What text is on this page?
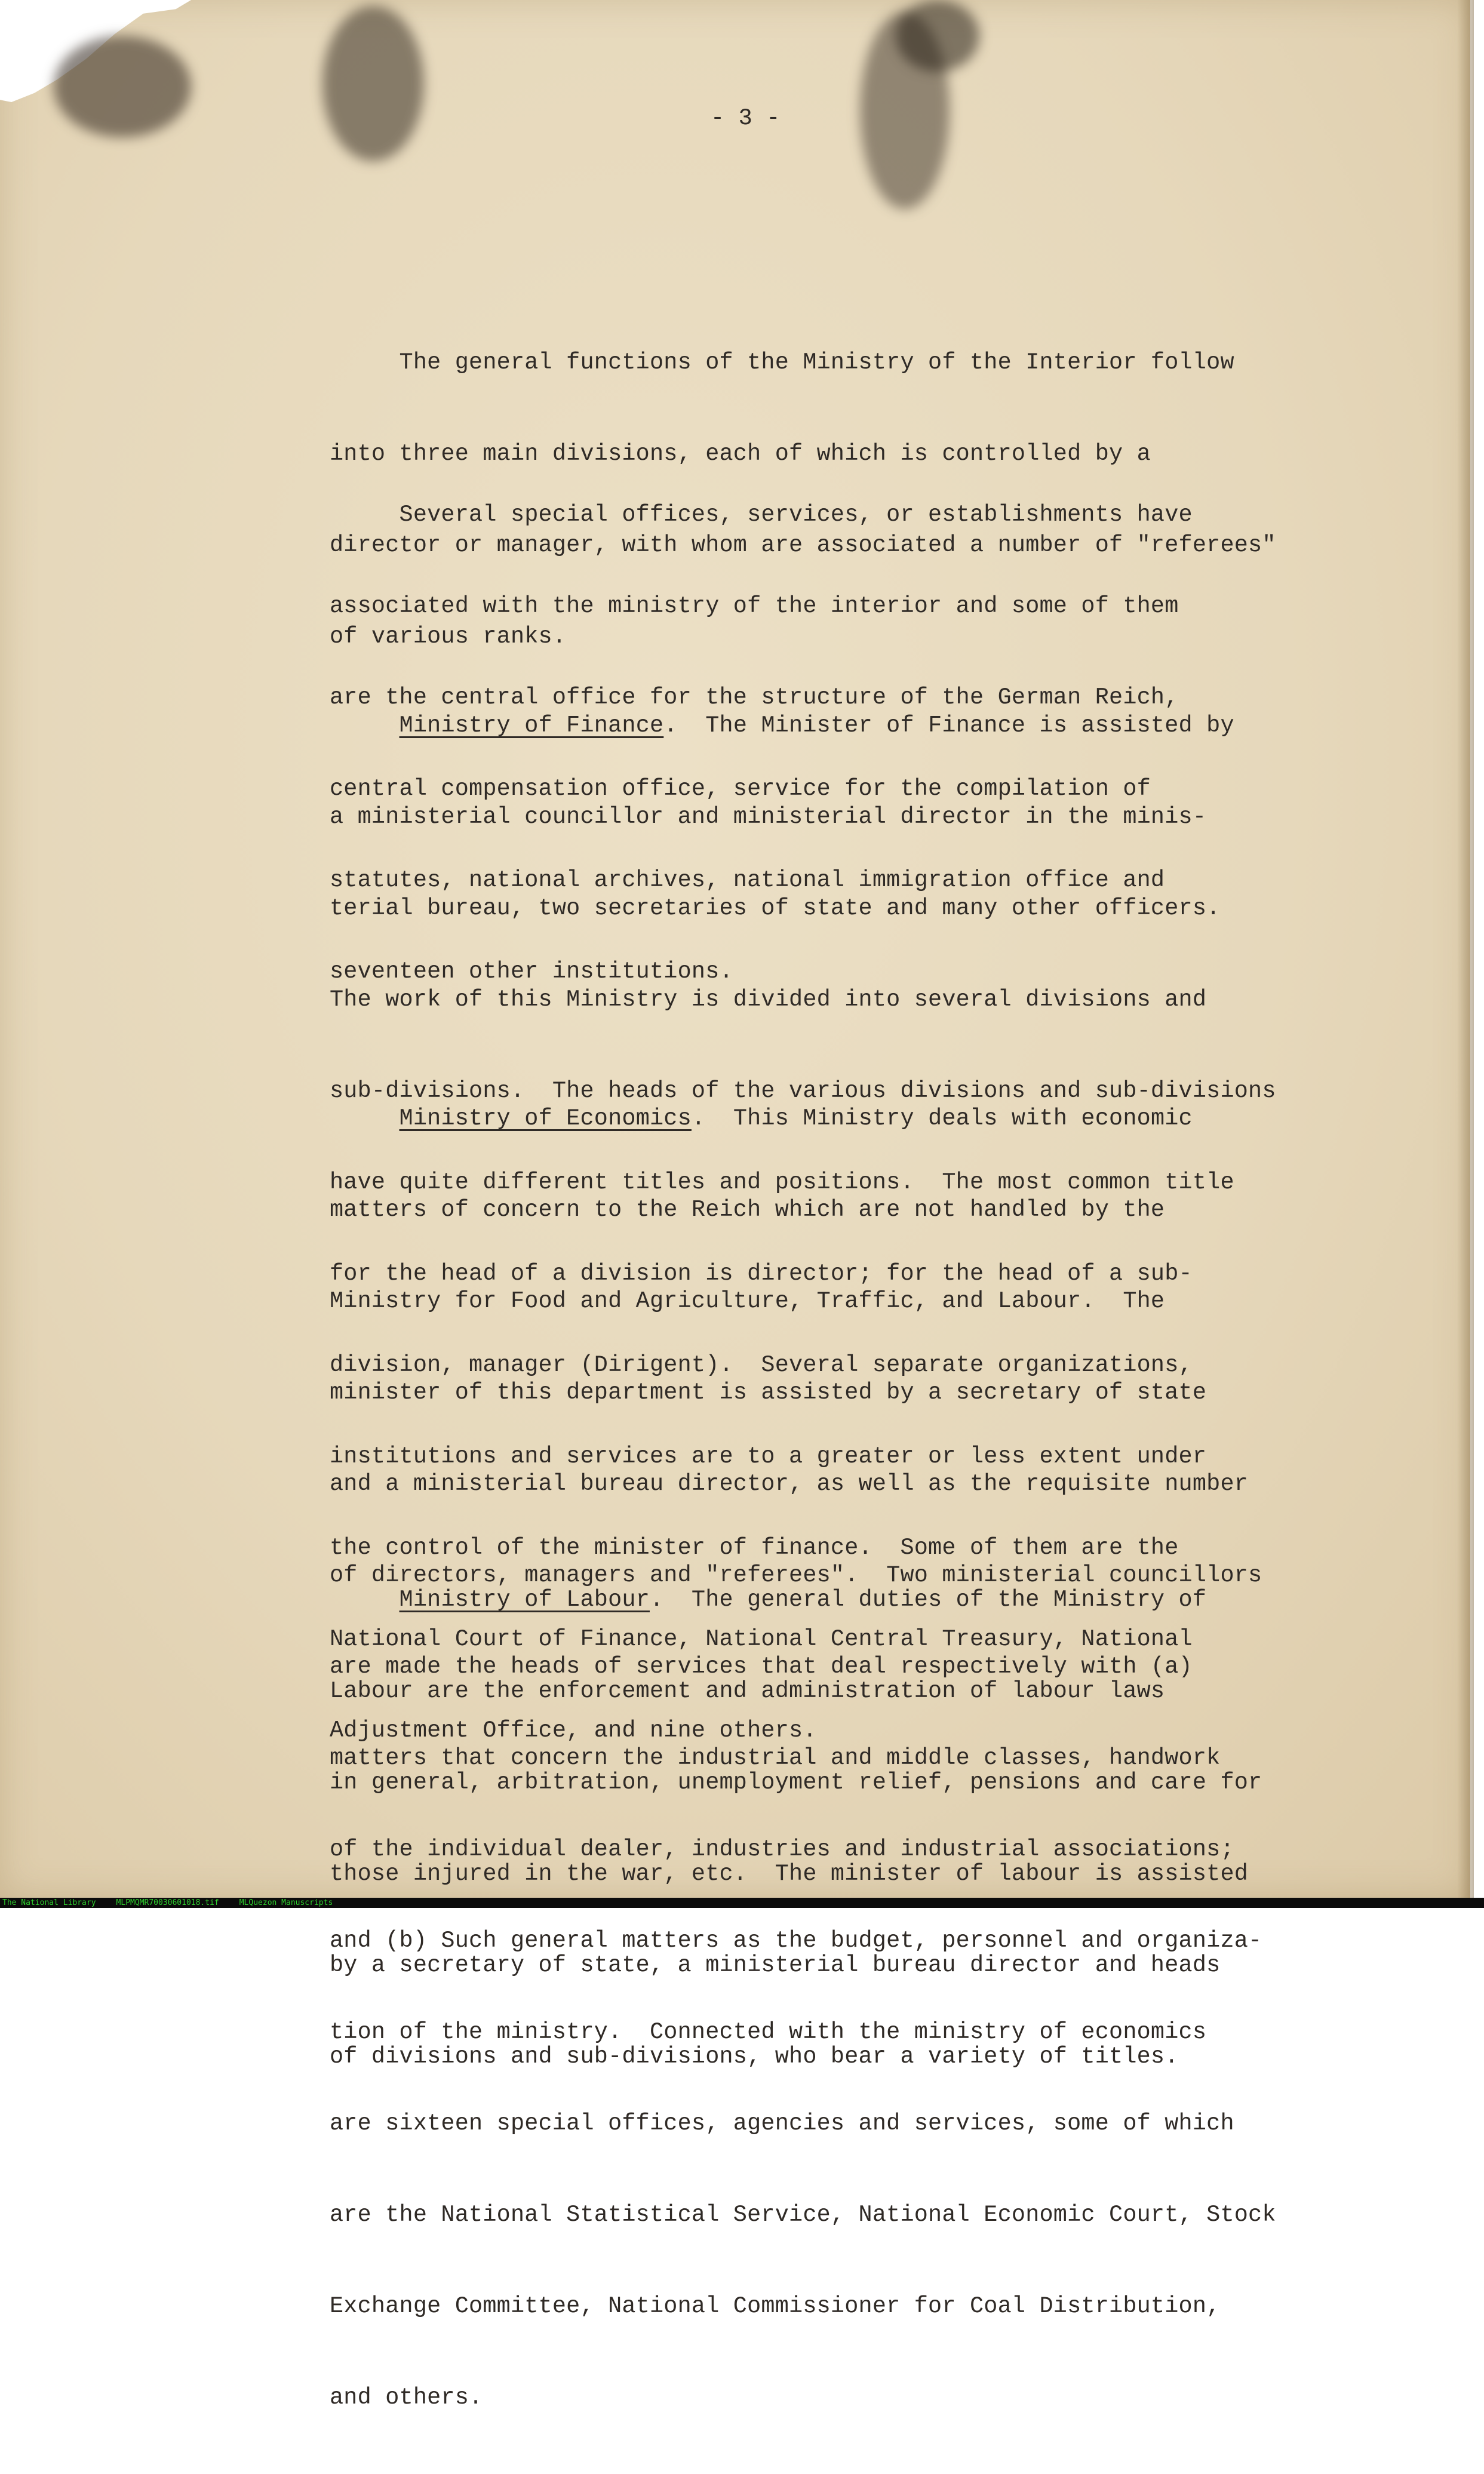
- 3 -

The general functions of the Ministry of the Interior follow

into three main divisions, each of which is controlled by a

director or manager, with whom are associated a number of "referees"

of various ranks.

Several special offices, services, or establishments have

associated with the ministry of the interior and some of them

are the central office for the structure of the German Reich,

central compensation office, service for the compilation of

statutes, national archives, national immigration office and

seventeen other institutions.

Ministry of Finance.  The Minister of Finance is assisted by

a ministerial councillor and ministerial director in the minis-

terial bureau, two secretaries of state and many other officers.

The work of this Ministry is divided into several divisions and

sub-divisions.  The heads of the various divisions and sub-divisions

have quite different titles and positions.  The most common title

for the head of a division is director; for the head of a sub-

division, manager (Dirigent).  Several separate organizations,

institutions and services are to a greater or less extent under

the control of the minister of finance.  Some of them are the

National Court of Finance, National Central Treasury, National

Adjustment Office, and nine others.

Ministry of Economics.  This Ministry deals with economic

matters of concern to the Reich which are not handled by the

Ministry for Food and Agriculture, Traffic, and Labour.  The

minister of this department is assisted by a secretary of state

and a ministerial bureau director, as well as the requisite number

of directors, managers and "referees".  Two ministerial councillors

are made the heads of services that deal respectively with (a)

matters that concern the industrial and middle classes, handwork

of the individual dealer, industries and industrial associations;

and (b) Such general matters as the budget, personnel and organiza-

tion of the ministry.  Connected with the ministry of economics

are sixteen special offices, agencies and services, some of which

are the National Statistical Service, National Economic Court, Stock

Exchange Committee, National Commissioner for Coal Distribution,

and others.

Ministry of Labour.  The general duties of the Ministry of

Labour are the enforcement and administration of labour laws

in general, arbitration, unemployment relief, pensions and care for

those injured in the war, etc.  The minister of labour is assisted

by a secretary of state, a ministerial bureau director and heads

of divisions and sub-divisions, who bear a variety of titles.

The National Library	MLPMQMR70030601018.tif	MLQuezon Manuscripts
